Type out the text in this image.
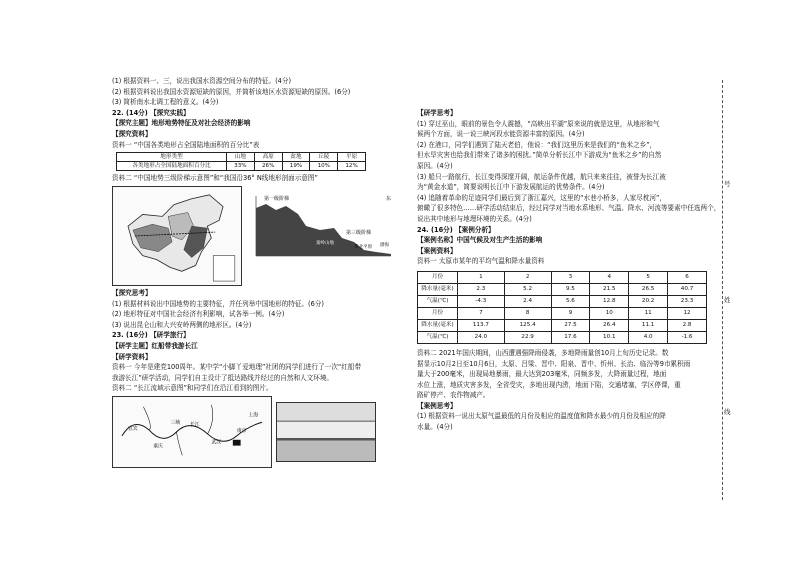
(1) 根据资料一、三，说出我国水资源空间分布的特征。(4分)
(2) 根据资料说出我国水资源短缺的原因，并简析该地区水资源短缺的原因。(6分)
(3) 简析南水北调工程的意义。(4分)
22. (14分) 【探究实践】
【探究主题】地形地势特征及对社会经济的影响
【探究资料】
资料一 “中国各类地形占全国陆地面积的百分比”表
地形类型	山地	高原	盆地	丘陵	平原
各类地形占全国陆地面积百分比	33%	26%	19%	10%	12%
资料二 “中国地势三级阶梯示意图”和“我国沿36° N线地形剖面示意图”
第一级阶梯
第二级阶梯
第三级阶梯
华北平原 渤海
秦岭山地
东
【探究思考】
(1) 根据材料说出中国地势的主要特征，并任列举中国地形的特征。(6分)
(2) 地形特征对中国社会经济有利影响，试各举一例。(4分)
(3) 说出昆仑山和大兴安岭两侧的地形区。(4分)
23. (16分) 【研学旅行】
【研学主题】红船带我游长江
【研学资料】
资料一 今年是建党100周年。某中学“小脚丫爱地理”社团的同学们进行了一次“红船带
我游长江”研学活动，同学们自主设计了抵达路线并经过的自然和人文环境。
资料二 “长江流域示意图”和同学们在沿江看到的图片。
上海
长江
重庆
三峡
武汉
南京
宜宾
【研学思考】
(1) 穿过巫山，眼前的景色令人震撼，“高峡出平湖”原来说的就是这里，从地形和气
候两个方面，说一说三峡河段水能资源丰富的原因。(4分)
(2) 在港口，同学们遇到了陆天老伯，他说：“我们这里历来是我们的“鱼米之乡”，
但水旱灾害也给我们带来了诸多的困扰。”简单分析长江中下游成为“鱼米之乡”的自然
原因。(4分)
(3) 船只一路航行，长江变得深邃开阔，航运条件优越，航只来来往往，被誉为长江被
为“黄金水道”，简要说明长江中下游发展航运的优势条件。(4分)
(4) 追随着革命的足迹同学们最后到了浙江嘉兴，这里的“水巷小桥多，人家尽枕河”，
俯瞰了很多特色……研学活动结束后，经过同学对当地水系地形、气温、降水、河流等要素中任选两个，
说出其中地形与地理环境的关系。(4分)
24. (16分) 【案例分析】
【案例名称】中国气候及对生产生活的影响
【案例资料】
资料一 太原市某年的平均气温和降水量资料
月份	1	2	3	4	5	6
降水量(毫米)	2.3	5.2	9.5	21.5	26.5	40.7
气温(℃)	-4.3	2.4	5.6	12.8	20.2	23.3
月份	7	8	9	10	11	12
降水量(毫米)	113.7	125.4	27.5	26.4	11.1	2.8
气温(℃)	24.0	22.9	17.6	10.1	4.0	-1.6
资料二 2021年国庆期间，山西遭遇强降雨侵袭，多地降雨量创10月上旬历史记录。数
据显示10月2日至10月6日，太原、吕梁、晋中、阳泉、晋中、忻州、长治、临汾等9市累积雨
量大于200毫米，出现局地暴雨，最大达到203毫米，同频多发，大降雨量过程，地面
水位上涨，地质灾害多发，全省受灾，多地出现内涝，地面下陷，交通堵塞，学区停课，重
路矿停产、农作物减产。
【案例思考】
(1) 根据资料一说出太原气温最低的月份及相应的温度值和降水最少的月份及相应的降
水量。(4分)
号
姓
线
